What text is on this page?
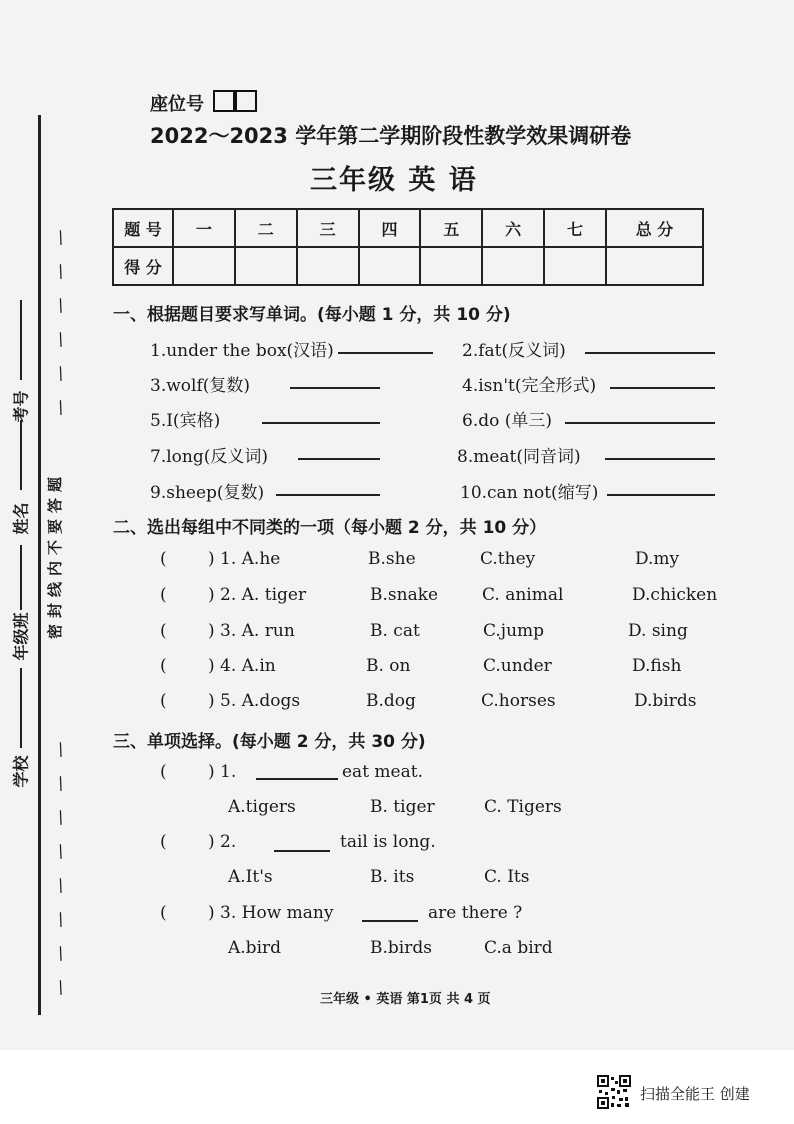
/
/
/
/
/
/
/
/
/
/
/
/
/
/
密封线内不要答题
学校
年级班
姓名
考号
座位号
2022～2023 学年第二学期阶段性教学效果调研卷
三年级 英 语
题 号	一	二	三	四	五	六	七	总 分
得 分								
一、根据题目要求写单词。(每小题 1 分，共 10 分)
1.under the box(汉语)	2.fat(反义词)
3.wolf(复数)	4.isn't(完全形式)
5.I(宾格)	6.do (单三)
7.long(反义词)	8.meat(同音词)
9.sheep(复数)	10.can not(缩写)
二、选出每组中不同类的一项（每小题 2 分，共 10 分）
( ) 1. A.he	B.she	C.they	D.my
( ) 2. A. tiger	B.snake	C. animal	D.chicken
( ) 3. A. run	B. cat	C.jump	D. sing
( ) 4. A.in	B. on	C.under	D.fish
( ) 5. A.dogs	B.dog	C.horses	D.birds
三、单项选择。(每小题 2 分，共 30 分)
( ) 1.	eat meat.
A.tigers	B. tiger	C. Tigers
( ) 2.	tail is long.
A.It's	B. its	C. Its
( ) 3. How many	are there ?
A.bird	B.birds	C.a bird
三年级 • 英语 第1页 共 4 页
扫描全能王 创建
